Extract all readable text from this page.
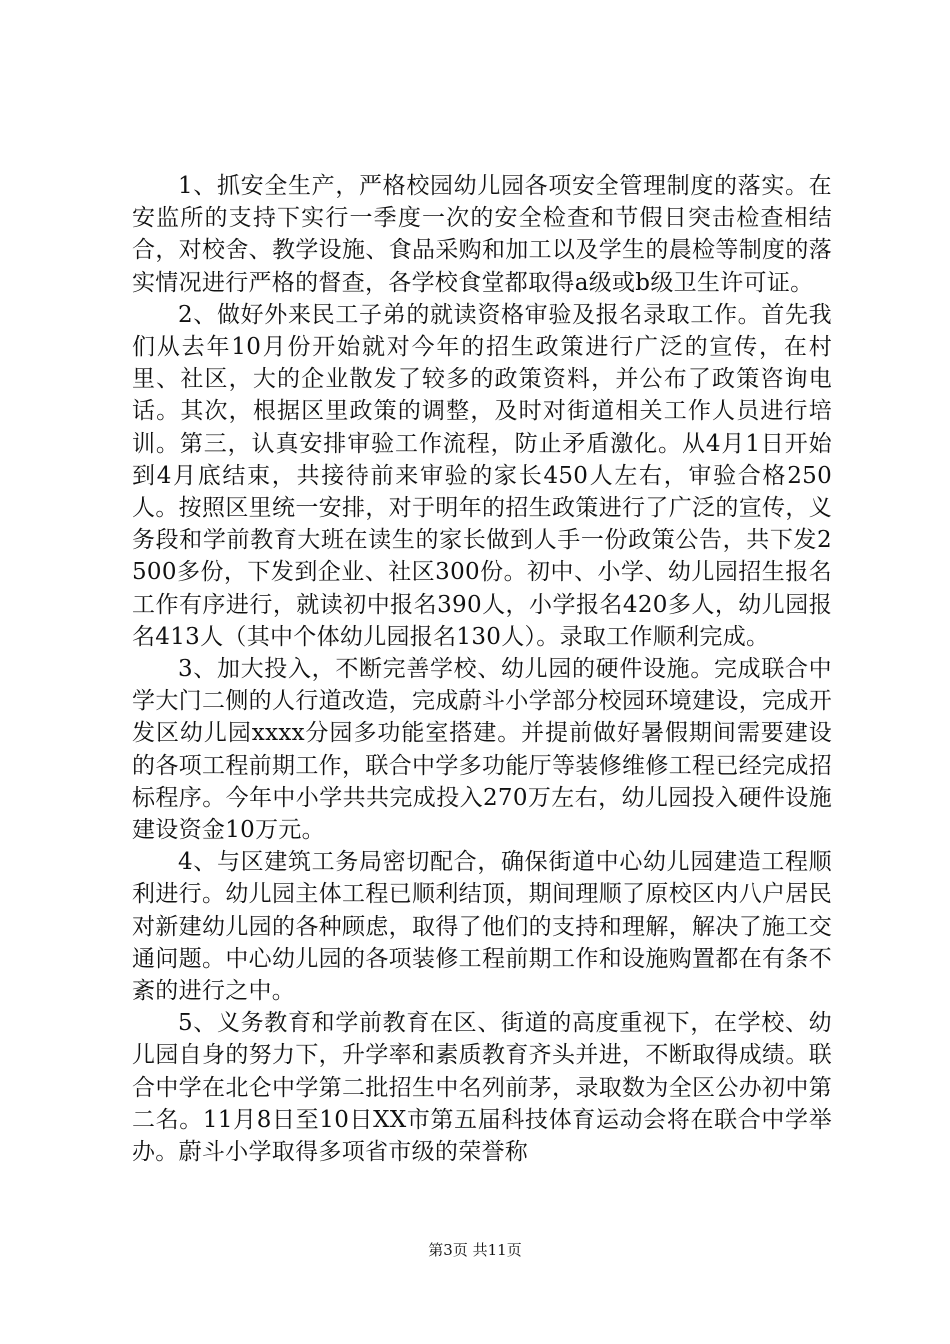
1、抓安全生产，严格校园幼儿园各项安全管理制度的落实。在安监所的支持下实行一季度一次的安全检查和节假日突击检查相结合，对校舍、教学设施、食品采购和加工以及学生的晨检等制度的落实情况进行严格的督查，各学校食堂都取得a级或b级卫生许可证。

2、做好外来民工子弟的就读资格审验及报名录取工作。首先我们从去年10月份开始就对今年的招生政策进行广泛的宣传，在村里、社区，大的企业散发了较多的政策资料，并公布了政策咨询电话。其次，根据区里政策的调整，及时对街道相关工作人员进行培训。第三，认真安排审验工作流程，防止矛盾激化。从4月1日开始到4月底结束，共接待前来审验的家长450人左右，审验合格250人。按照区里统一安排，对于明年的招生政策进行了广泛的宣传，义务段和学前教育大班在读生的家长做到人手一份政策公告，共下发2500多份，下发到企业、社区300份。初中、小学、幼儿园招生报名工作有序进行，就读初中报名390人，小学报名420多人，幼儿园报名413人（其中个体幼儿园报名130人）。录取工作顺利完成。

3、加大投入，不断完善学校、幼儿园的硬件设施。完成联合中学大门二侧的人行道改造，完成蔚斗小学部分校园环境建设，完成开发区幼儿园xxxx分园多功能室搭建。并提前做好暑假期间需要建设的各项工程前期工作，联合中学多功能厅等装修维修工程已经完成招标程序。今年中小学共共完成投入270万左右，幼儿园投入硬件设施建设资金10万元。

4、与区建筑工务局密切配合，确保街道中心幼儿园建造工程顺利进行。幼儿园主体工程已顺利结顶，期间理顺了原校区内八户居民对新建幼儿园的各种顾虑，取得了他们的支持和理解，解决了施工交通问题。中心幼儿园的各项装修工程前期工作和设施购置都在有条不紊的进行之中。

5、义务教育和学前教育在区、街道的高度重视下，在学校、幼儿园自身的努力下，升学率和素质教育齐头并进，不断取得成绩。联合中学在北仑中学第二批招生中名列前茅，录取数为全区公办初中第二名。11月8日至10日XX市第五届科技体育运动会将在联合中学举办。蔚斗小学取得多项省市级的荣誉称

第3页 共11页
